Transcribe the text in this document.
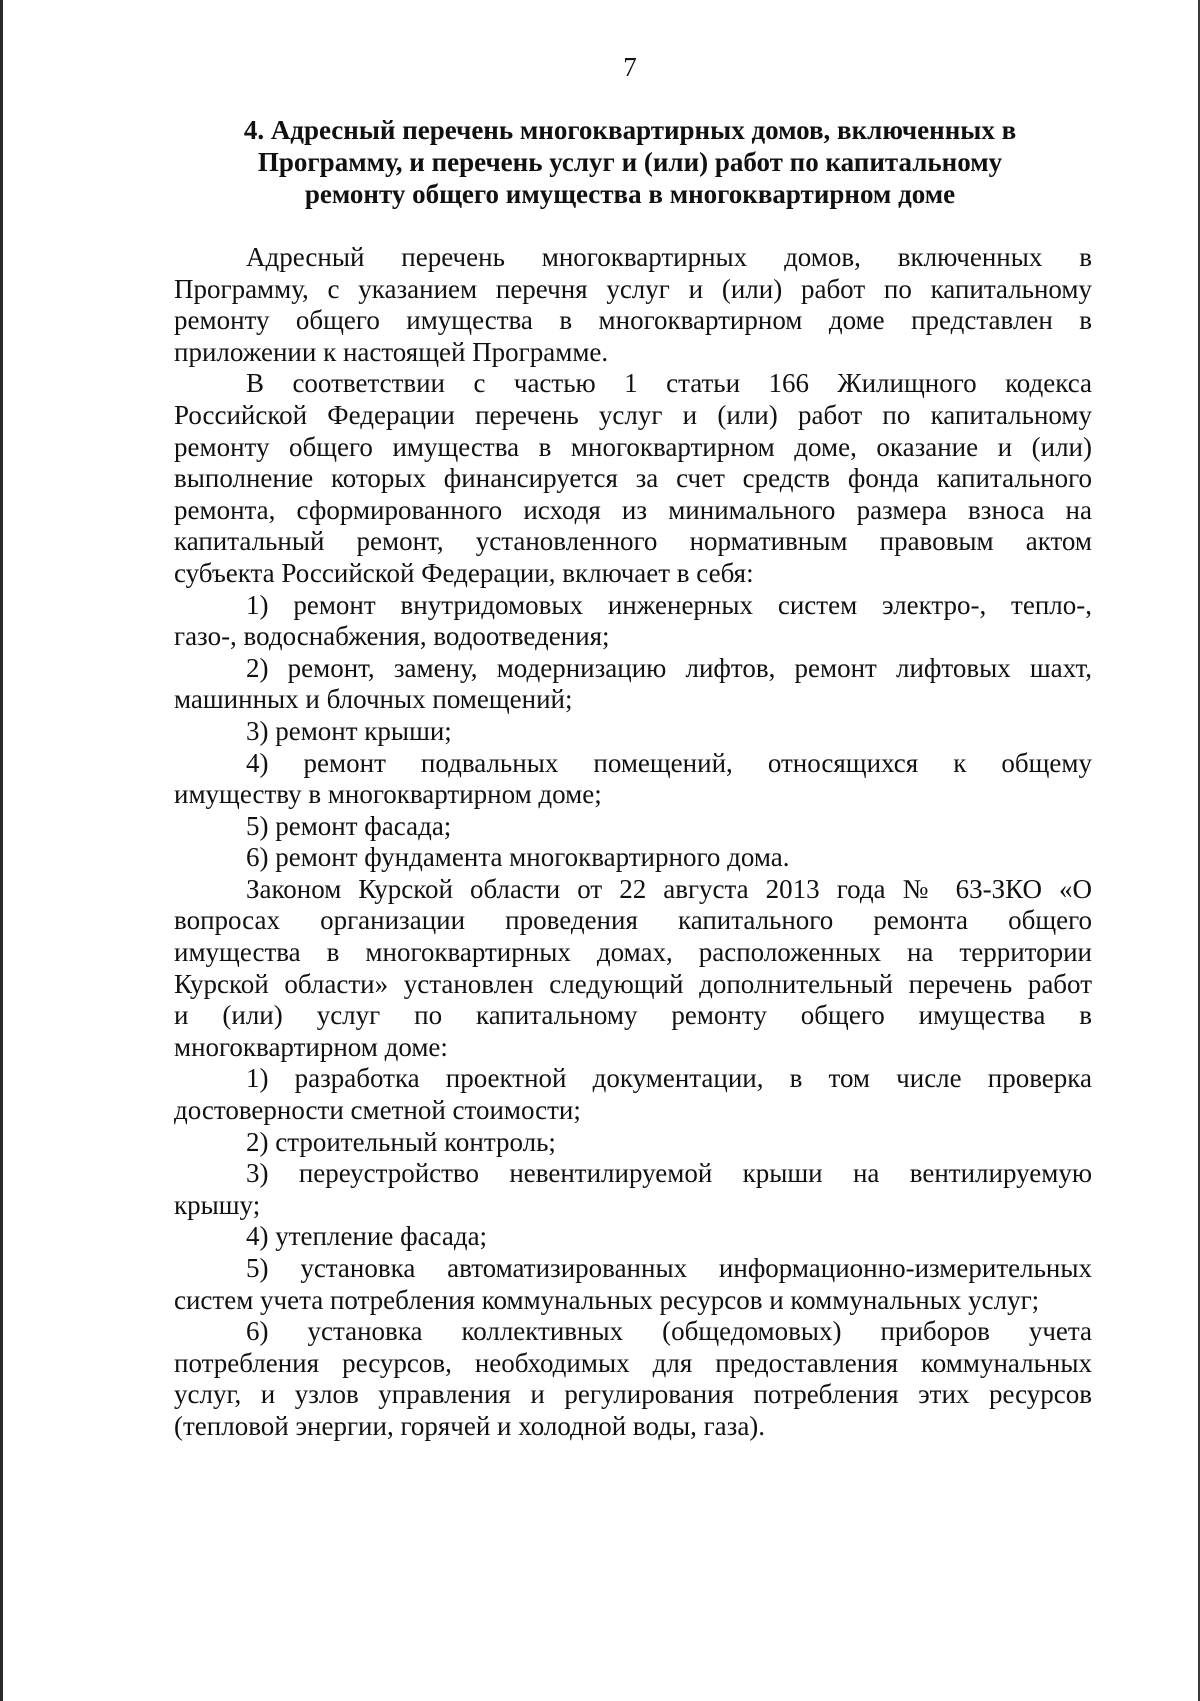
7
4. Адресный перечень многоквартирных домов, включенных в
Программу, и перечень услуг и (или) работ по капитальному
ремонту общего имущества в многоквартирном доме
Адресный перечень многоквартирных домов, включенных в
Программу, с указанием перечня услуг и (или) работ по капитальному
ремонту общего имущества в многоквартирном доме представлен в
приложении к настоящей Программе.
В соответствии с частью 1 статьи 166 Жилищного кодекса
Российской Федерации перечень услуг и (или) работ по капитальному
ремонту общего имущества в многоквартирном доме, оказание и (или)
выполнение которых финансируется за счет средств фонда капитального
ремонта, сформированного исходя из минимального размера взноса на
капитальный ремонт, установленного нормативным правовым актом
субъекта Российской Федерации, включает в себя:
1) ремонт внутридомовых инженерных систем электро-, тепло-,
газо-, водоснабжения, водоотведения;
2) ремонт, замену, модернизацию лифтов, ремонт лифтовых шахт,
машинных и блочных помещений;
3) ремонт крыши;
4) ремонт подвальных помещений, относящихся к общему
имуществу в многоквартирном доме;
5) ремонт фасада;
6) ремонт фундамента многоквартирного дома.
Законом Курской области от 22 августа 2013 года № 63-ЗКО «О
вопросах организации проведения капитального ремонта общего
имущества в многоквартирных домах, расположенных на территории
Курской области» установлен следующий дополнительный перечень работ
и (или) услуг по капитальному ремонту общего имущества в
многоквартирном доме:
1) разработка проектной документации, в том числе проверка
достоверности сметной стоимости;
2) строительный контроль;
3) переустройство невентилируемой крыши на вентилируемую
крышу;
4) утепление фасада;
5) установка автоматизированных информационно-измерительных
систем учета потребления коммунальных ресурсов и коммунальных услуг;
6) установка коллективных (общедомовых) приборов учета
потребления ресурсов, необходимых для предоставления коммунальных
услуг, и узлов управления и регулирования потребления этих ресурсов
(тепловой энергии, горячей и холодной воды, газа).
